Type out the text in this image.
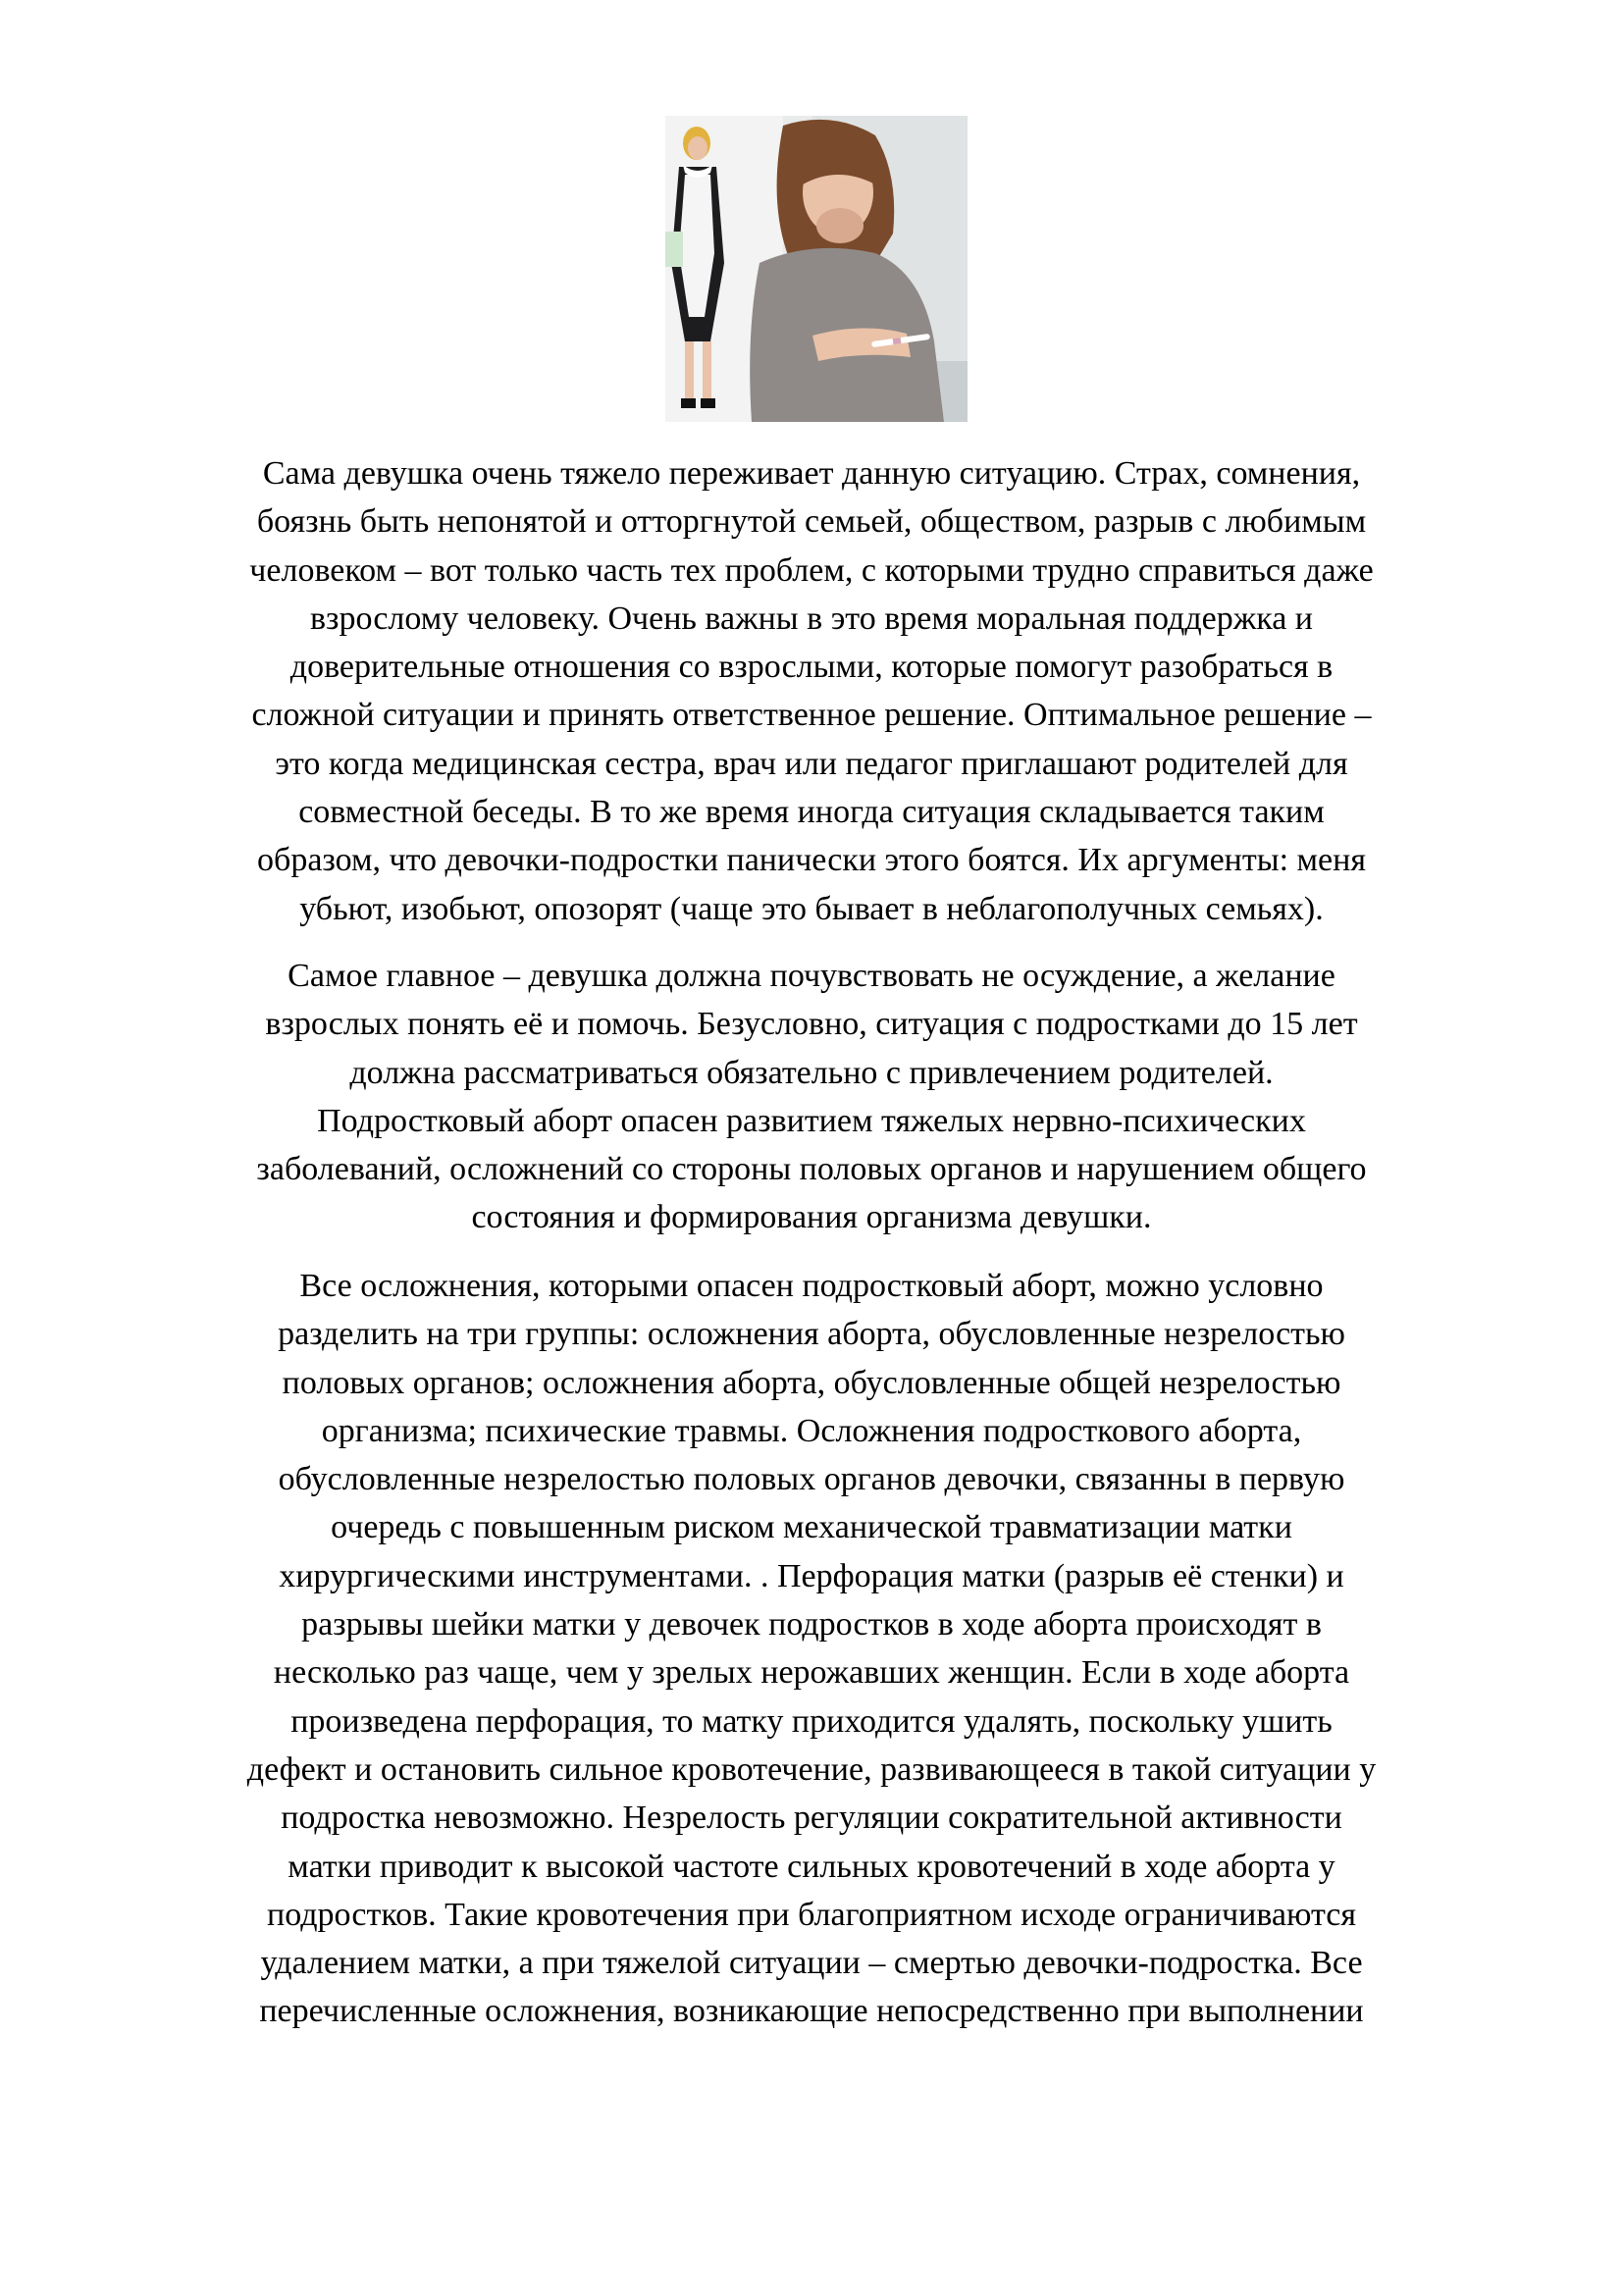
Сама девушка очень тяжело переживает данную ситуацию. Страх, сомнения,
боязнь быть непонятой и отторгнутой семьей, обществом, разрыв с любимым
человеком – вот только часть тех проблем, с которыми трудно справиться даже
взрослому человеку. Очень важны в это время моральная поддержка и
доверительные отношения со взрослыми, которые помогут разобраться в
сложной ситуации и принять ответственное решение. Оптимальное решение –
это когда медицинская сестра, врач или педагог приглашают родителей для
совместной беседы. В то же время иногда ситуация складывается таким
образом, что девочки-подростки панически этого боятся. Их аргументы: меня
убьют, изобьют, опозорят (чаще это бывает в неблагополучных семьях).
Самое главное – девушка должна почувствовать не осуждение, а желание
взрослых понять её и помочь. Безусловно, ситуация с подростками до 15 лет
должна рассматриваться обязательно с привлечением родителей.
Подростковый аборт опасен развитием тяжелых нервно-психических
заболеваний, осложнений со стороны половых органов и нарушением общего
состояния и формирования организма девушки.
Все осложнения, которыми опасен подростковый аборт, можно условно
разделить на три группы: осложнения аборта, обусловленные незрелостью
половых органов; осложнения аборта, обусловленные общей незрелостью
организма; психические травмы. Осложнения подросткового аборта,
обусловленные незрелостью половых органов девочки, связанны в первую
очередь с повышенным риском механической травматизации матки
хирургическими инструментами. . Перфорация матки (разрыв её стенки) и
разрывы шейки матки у девочек подростков в ходе аборта происходят в
несколько раз чаще, чем у зрелых нерожавших женщин. Если в ходе аборта
произведена перфорация, то матку приходится удалять, поскольку ушить
дефект и остановить сильное кровотечение, развивающееся в такой ситуации у
подростка невозможно. Незрелость регуляции сократительной активности
матки приводит к высокой частоте сильных кровотечений в ходе аборта у
подростков. Такие кровотечения при благоприятном исходе ограничиваются
удалением матки, а при тяжелой ситуации – смертью девочки-подростка. Все
перечисленные осложнения, возникающие непосредственно при выполнении
